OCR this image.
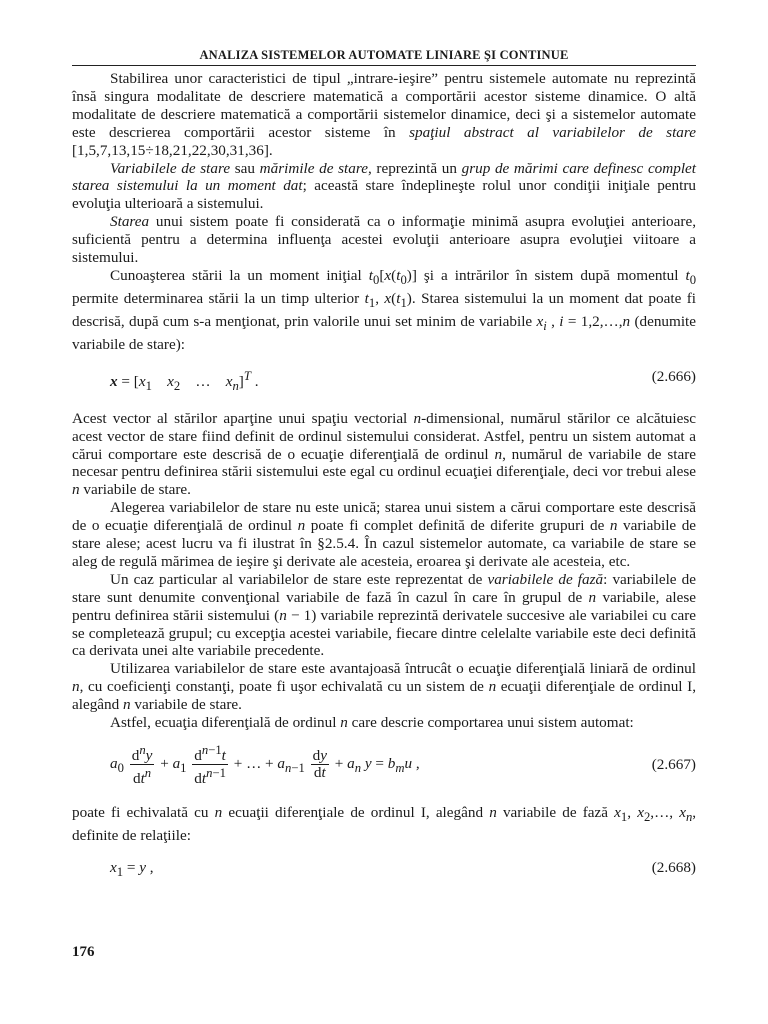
ANALIZA SISTEMELOR AUTOMATE LINIARE ŞI CONTINUE

Stabilirea unor caracteristici de tipul „intrare-ieşire” pentru sistemele automate nu reprezintă însă singura modalitate de descriere matematică a comportării acestor sisteme dinamice. O altă modalitate de descriere matematică a comportării sistemelor dinamice, deci şi a sistemelor automate este descrierea comportării acestor sisteme în spaţiul abstract al variabilelor de stare [1,5,7,13,15÷18,21,22,30,31,36].

Variabilele de stare sau mărimile de stare, reprezintă un grup de mărimi care definesc complet starea sistemului la un moment dat; această stare îndeplineşte rolul unor condiţii iniţiale pentru evoluţia ulterioară a sistemului.

Starea unui sistem poate fi considerată ca o informaţie minimă asupra evoluţiei anterioare, suficientă pentru a determina influenţa acestei evoluţii anterioare asupra evoluţiei viitoare a sistemului.

Cunoaşterea stării la un moment iniţial $t_0[x(t_0)]$ şi a intrărilor în sistem după momentul $t_0$ permite determinarea stării la un timp ulterior $t_1$, $x(t_1)$. Starea sistemului la un moment dat poate fi descrisă, după cum s-a menţionat, prin valorile unui set minim de variabile $x_i$ , i = 1,2,…,n (denumite variabile de stare):

$x = [x_1$ $x_2$    …    $x_n]^T$ .	(2.666)

Acest vector al stărilor aparţine unui spaţiu vectorial n-dimensional, numărul stărilor ce alcătuiesc acest vector de stare fiind definit de ordinul sistemului considerat. Astfel, pentru un sistem automat a cărui comportare este descrisă de o ecuaţie diferenţială de ordinul n, numărul de variabile de stare necesar pentru definirea stării sistemului este egal cu ordinul ecuaţiei diferenţiale, deci vor trebui alese n variabile de stare.

Alegerea variabilelor de stare nu este unică; starea unui sistem a cărui comportare este descrisă de o ecuaţie diferenţială de ordinul n poate fi complet definită de diferite grupuri de n variabile de stare alese; acest lucru va fi ilustrat în §2.5.4. În cazul sistemelor automate, ca variabile de stare se aleg de regulă mărimea de ieşire şi derivate ale acesteia, eroarea şi derivate ale acesteia, etc.

Un caz particular al variabilelor de stare este reprezentat de variabilele de fază: variabilele de stare sunt denumite convenţional variabile de fază în cazul în care în grupul de n variabile, alese pentru definirea stării sistemului (n − 1) variabile reprezintă derivatele succesive ale variabilei cu care se completează grupul; cu excepţia acestei variabile, fiecare dintre celelalte variabile este deci definită ca derivata unei alte variabile precedente.

Utilizarea variabilelor de stare este avantajoasă întrucât o ecuaţie diferenţială liniară de ordinul n, cu coeficienţi constanţi, poate fi uşor echivalată cu un sistem de n ecuaţii diferenţiale de ordinul I, alegând n variabile de stare.

Astfel, ecuaţia diferenţială de ordinul n care descrie comportarea unui sistem automat:

$a_0$
$d^ny$
$dt^n$
+ $a_1$
$d^{n-1}t$
$dt^{n-1}$
+ … + $a_{n-1} \frac{dy}{dt} + a_n$ $y = b_mu$ ,	(2.667)

poate fi echivalată cu n ecuaţii diferenţiale de ordinul I, alegând n variabile de fază $x_1$, $x_2,\dots$, $x_n$, definite de relaţiile:

$x_1 = y$ ,	(2.668)
176
